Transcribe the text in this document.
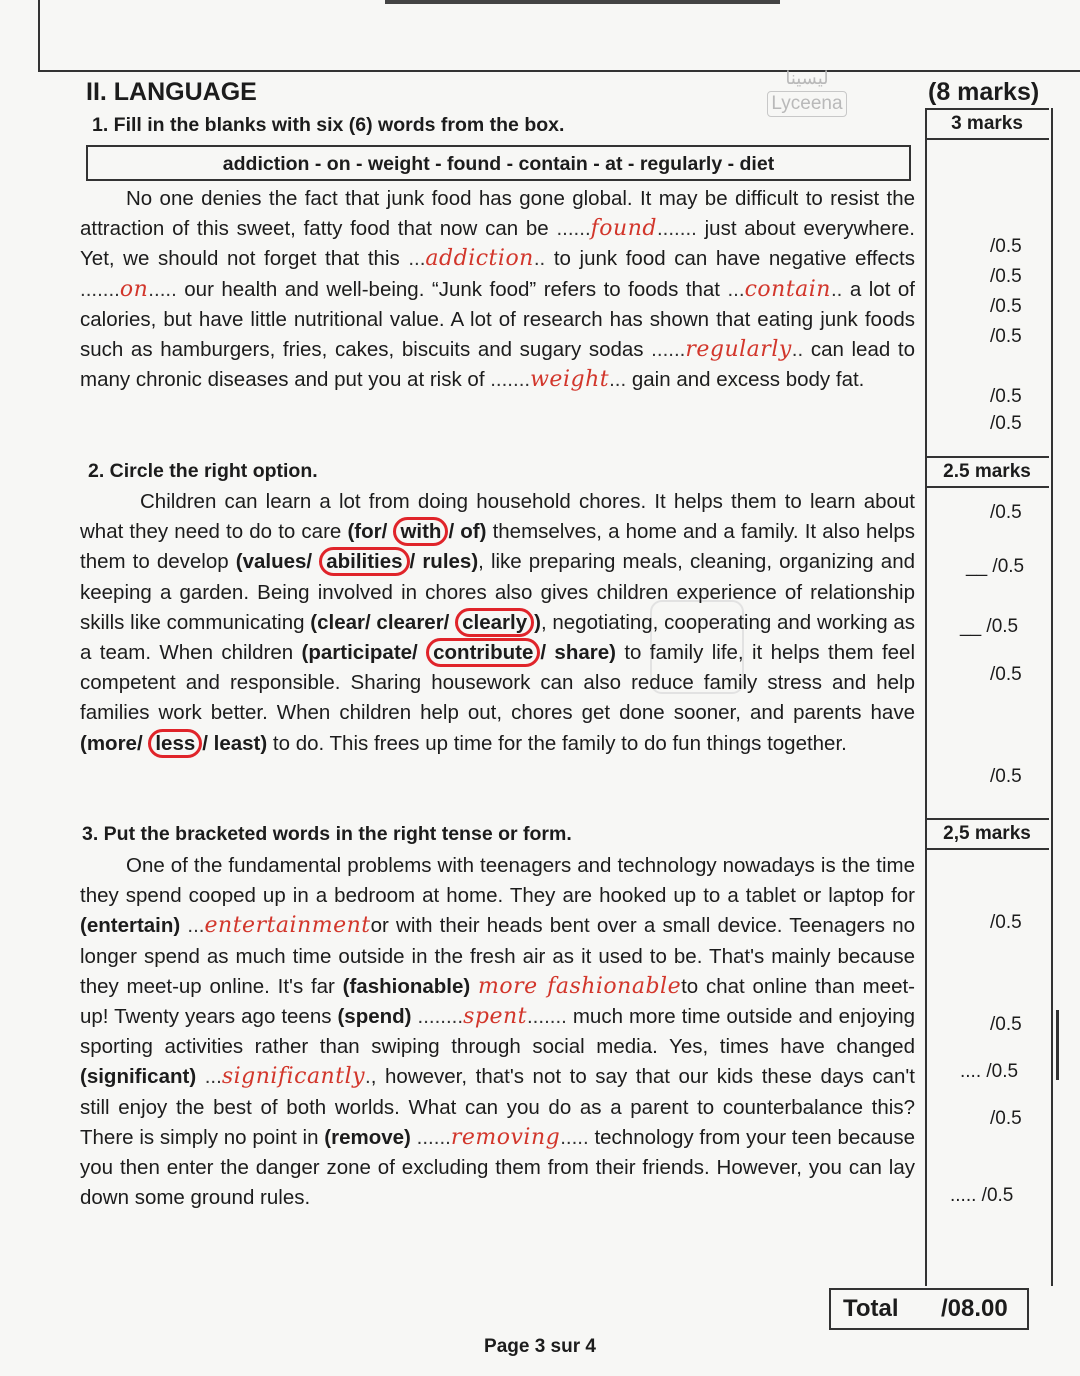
II. LANGUAGE	(8 marks)
ليسينا
Lyceena
3 marks
2.5 marks
2,5 marks
/0.5
/0.5
/0.5
/0.5
/0.5
/0.5
/0.5
__ /0.5
__ /0.5
/0.5
/0.5
/0.5
/0.5
.... /0.5
/0.5
..... /0.5
1. Fill in the blanks with six (6) words from the box.
addiction - on - weight - found - contain - at - regularly - diet
No one denies the fact that junk food has gone global. It may be difficult to resist the attraction of this sweet, fatty food that now can be ......found....... just about everywhere. Yet, we should not forget that this ...addiction.. to junk food can have negative effects .......on..... our health and well-being. “Junk food” refers to foods that ...contain.. a lot of calories, but have little nutritional value. A lot of research has shown that eating junk foods such as hamburgers, fries, cakes, biscuits and sugary sodas ......regularly.. can lead to many chronic diseases and put you at risk of .......weight... gain and excess body fat.
2. Circle the right option.
Children can learn a lot from doing household chores. It helps them to learn about what they need to do to care (for/ with / of) themselves, a home and a family. It also helps them to develop (values/ abilities / rules), like preparing meals, cleaning, organizing and keeping a garden. Being involved in chores also gives children experience of relationship skills like communicating (clear/ clearer/ clearly ), negotiating, cooperating and working as a team. When children (participate/ contribute / share) to family life, it helps them feel competent and responsible. Sharing housework can also reduce family stress and help families work better. When children help out, chores get done sooner, and parents have (more/ less / least) to do. This frees up time for the family to do fun things together.
3. Put the bracketed words in the right tense or form.
One of the fundamental problems with teenagers and technology nowadays is the time they spend cooped up in a bedroom at home. They are hooked up to a tablet or laptop for (entertain) ...entertainmentor with their heads bent over a small device. Teenagers no longer spend as much time outside in the fresh air as it used to be. That's mainly because they meet-up online. It's far (fashionable) more fashionableto chat online than meet-up! Twenty years ago teens (spend) ........spent....... much more time outside and enjoying sporting activities rather than swiping through social media. Yes, times have changed (significant) ...significantly., however, that's not to say that our kids these days can't still enjoy the best of both worlds. What can you do as a parent to counterbalance this? There is simply no point in (remove) ......removing..... technology from your teen because you then enter the danger zone of excluding them from their friends. However, you can lay down some ground rules.
Total /08.00
Page 3 sur 4
